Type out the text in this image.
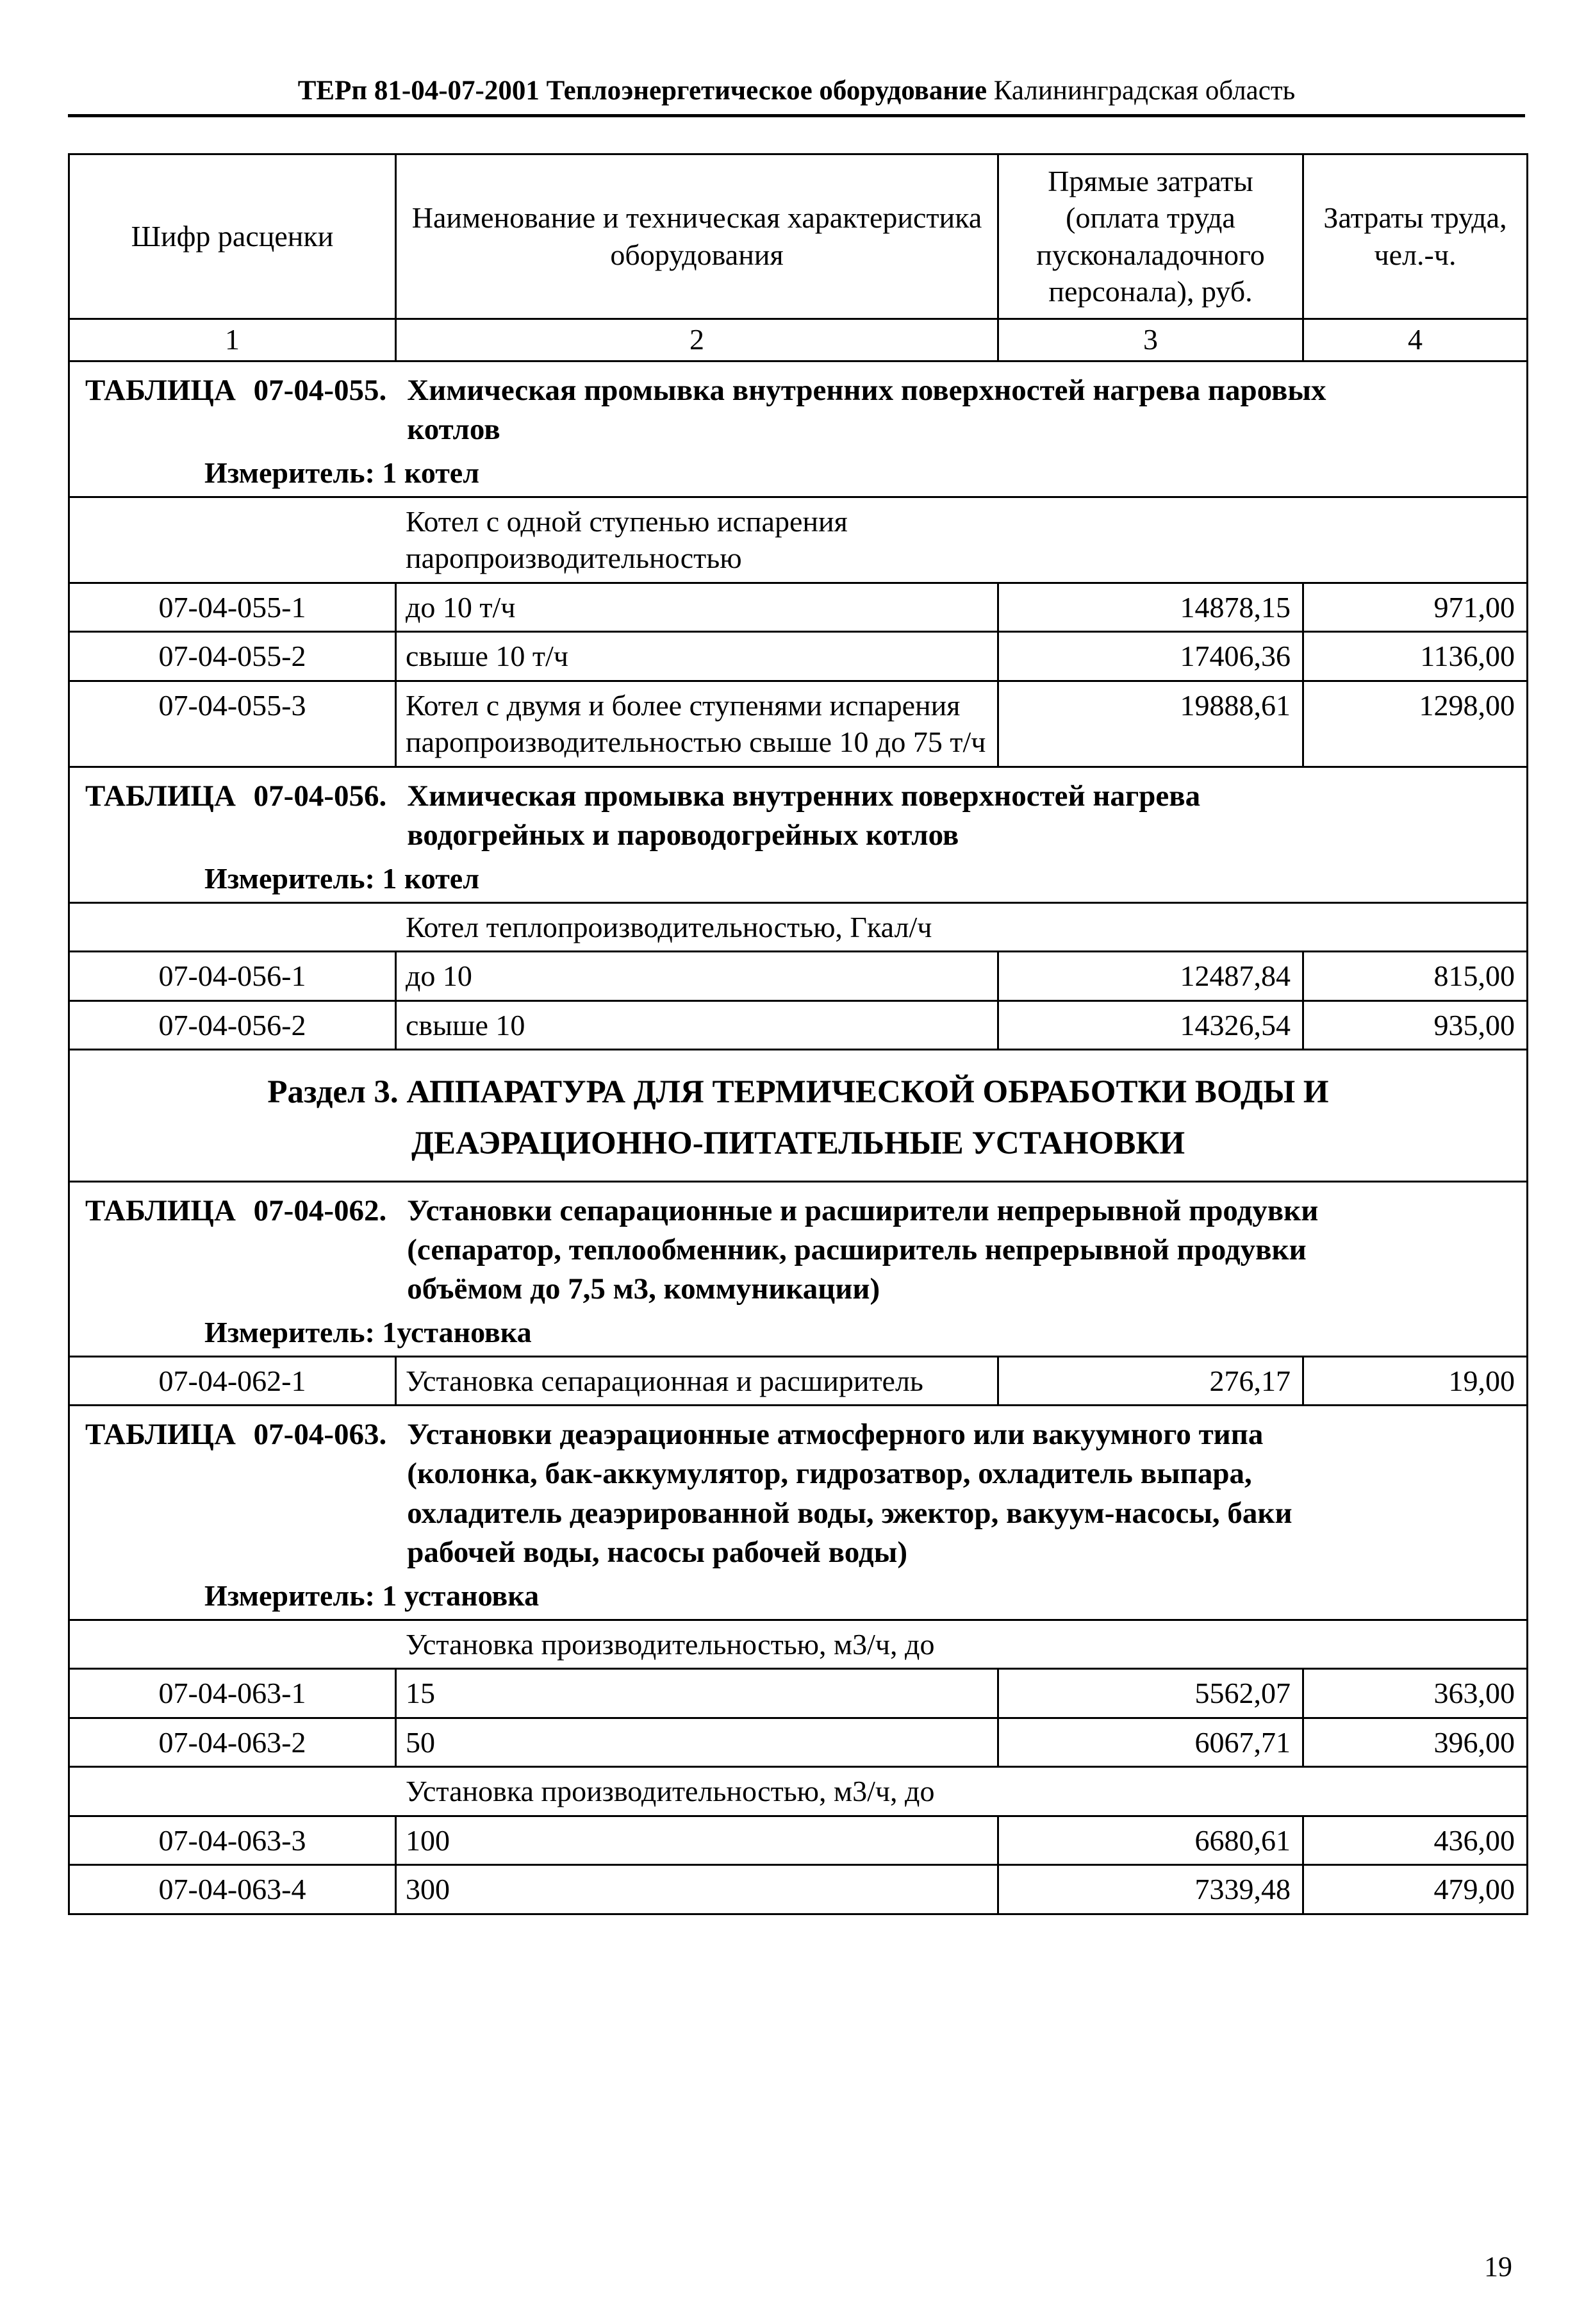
ТЕРп 81-04-07-2001 Теплоэнергетическое оборудование Калининградская область
Шифр расценки	Наименование и техническая характеристика оборудования	Прямые затраты (оплата труда пусконаладочного персонала), руб.	Затраты труда, чел.-ч.
1	2	3	4

ТАБЛИЦА 07-04-055. Химическая промывка внутренних поверхностей нагрева паровых котлов
Измеритель: 1 котел			

Котел с одной ступенью испарения паропроизводительностью			

07-04-055-1	до 10 т/ч	14878,15	971,00
07-04-055-2	свыше 10 т/ч	17406,36	1136,00
07-04-055-3	Котел с двумя и более ступенями испарения паропроизводительностью свыше 10 до 75 т/ч	19888,61	1298,00

ТАБЛИЦА 07-04-056. Химическая промывка внутренних поверхностей нагрева водогрейных и пароводогрейных котлов
Измеритель: 1 котел			

Котел теплопроизводительностью, Гкал/ч			

07-04-056-1	до 10	12487,84	815,00
07-04-056-2	свыше 10	14326,54	935,00

Раздел 3. АППАРАТУРА ДЛЯ ТЕРМИЧЕСКОЙ ОБРАБОТКИ ВОДЫ И
ДЕАЭРАЦИОННО-ПИТАТЕЛЬНЫЕ УСТАНОВКИ			

ТАБЛИЦА 07-04-062. Установки сепарационные и расширители непрерывной продувки (сепаратор, теплообменник, расширитель непрерывной продувки объёмом до 7,5 м3, коммуникации)
Измеритель: 1установка			

07-04-062-1	Установка сепарационная и расширитель	276,17	19,00

ТАБЛИЦА 07-04-063. Установки деаэрационные атмосферного или вакуумного типа (колонка, бак-аккумулятор, гидрозатвор, охладитель выпара, охладитель деаэрированной воды, эжектор, вакуум-насосы, баки рабочей воды, насосы рабочей воды)
Измеритель: 1 установка			

Установка производительностью, м3/ч, до			

07-04-063-1	15	5562,07	363,00
07-04-063-2	50	6067,71	396,00

Установка производительностью, м3/ч, до			

07-04-063-3	100	6680,61	436,00
07-04-063-4	300	7339,48	479,00
19
